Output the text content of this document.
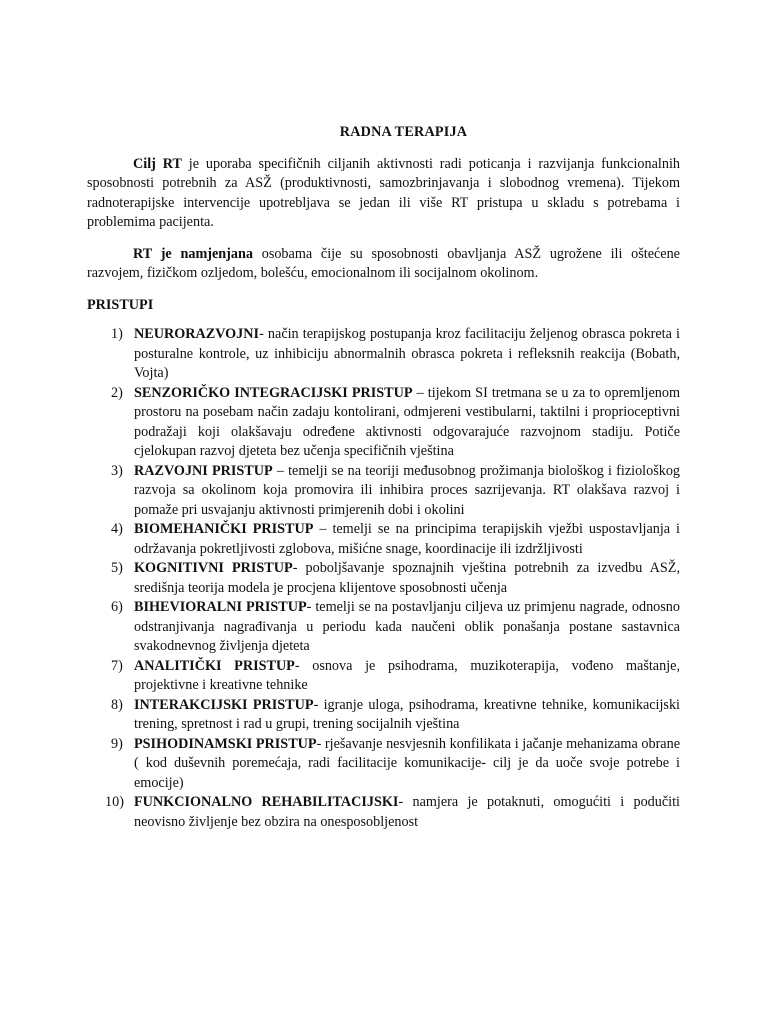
RADNA TERAPIJA

Cilj RT je uporaba specifičnih ciljanih aktivnosti radi poticanja i razvijanja funkcionalnih sposobnosti potrebnih za ASŽ (produktivnosti, samozbrinjavanja i slobodnog vremena). Tijekom radnoterapijske intervencije upotrebljava se jedan ili više RT pristupa u skladu s potrebama i problemima pacijenta.

RT je namjenjana osobama čije su sposobnosti obavljanja ASŽ ugrožene ili oštećene razvojem, fizičkom ozljedom, bolešću, emocionalnom ili socijalnom okolinom.

PRISTUPI
1) NEURORAZVOJNI- način terapijskog postupanja kroz facilitaciju željenog obrasca pokreta i posturalne kontrole, uz inhibiciju abnormalnih obrasca pokreta i refleksnih reakcija (Bobath, Vojta)
2) SENZORIČKO INTEGRACIJSKI PRISTUP – tijekom SI tretmana se u za to opremljenom prostoru na posebam način zadaju kontolirani, odmjereni vestibularni, taktilni i proprioceptivni podražaji koji olakšavaju određene aktivnosti odgovarajuće razvojnom stadiju. Potiče cjelokupan razvoj djeteta bez učenja specifičnih vještina
3) RAZVOJNI PRISTUP – temelji se na teoriji međusobnog prožimanja biološkog i fiziološkog razvoja sa okolinom koja promovira ili inhibira proces sazrijevanja. RT olakšava razvoj i pomaže pri usvajanju aktivnosti primjerenih dobi i okolini
4) BIOMEHANIČKI PRISTUP – temelji se na principima terapijskih vježbi uspostavljanja i održavanja pokretljivosti zglobova, mišićne snage, koordinacije ili izdržljivosti
5) KOGNITIVNI PRISTUP- poboljšavanje spoznajnih vještina potrebnih za izvedbu ASŽ, središnja teorija modela je procjena klijentove sposobnosti učenja
6) BIHEVIORALNI PRISTUP- temelji se na postavljanju ciljeva uz primjenu nagrade, odnosno odstranjivanja nagrađivanja u periodu kada naučeni oblik ponašanja postane sastavnica svakodnevnog življenja djeteta
7) ANALITIČKI PRISTUP- osnova je psihodrama, muzikoterapija, vođeno maštanje, projektivne i kreativne tehnike
8) INTERAKCIJSKI PRISTUP- igranje uloga, psihodrama, kreativne tehnike, komunikacijski trening, spretnost i rad u grupi, trening socijalnih vještina
9) PSIHODINAMSKI PRISTUP- rješavanje nesvjesnih konfilikata i jačanje mehanizama obrane ( kod duševnih poremećaja, radi facilitacije komunikacije- cilj je da uoče svoje potrebe i emocije)
10) FUNKCIONALNO REHABILITACIJSKI- namjera je potaknuti, omogućiti i podučiti neovisno življenje bez obzira na onesposobljenost
